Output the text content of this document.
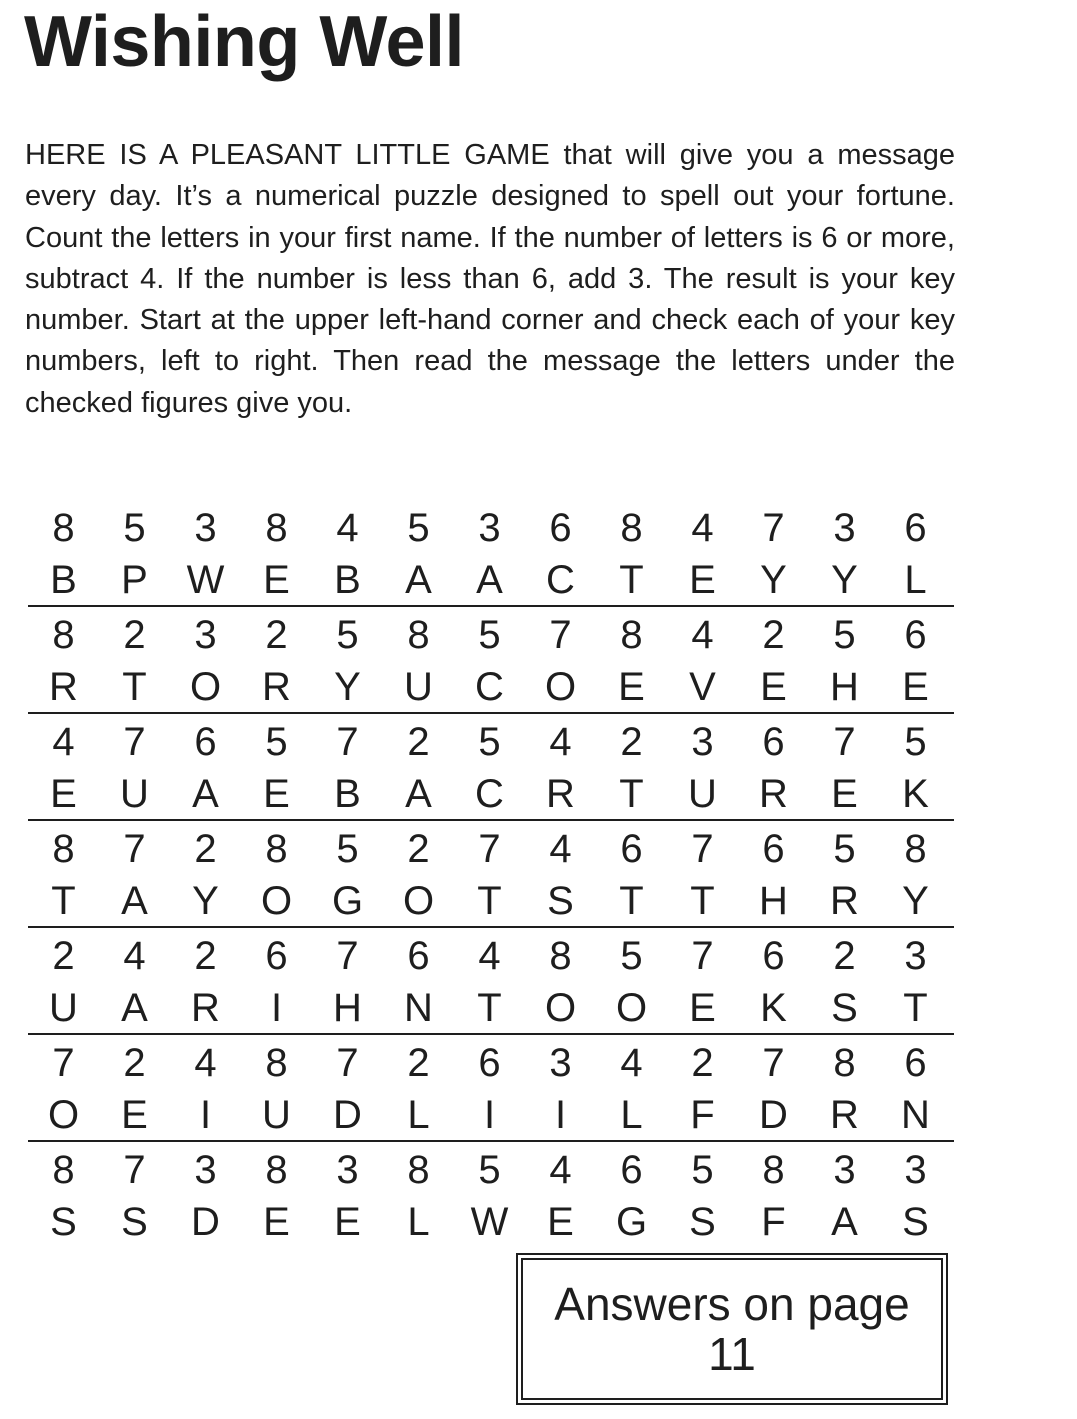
Wishing Well

HERE IS A PLEASANT LITTLE GAME that will give you a message every day. It’s a numerical puzzle designed to spell out your fortune. Count the letters in your first name. If the number of letters is 6 or more, subtract 4. If the number is less than 6, add 3. The result is your key number. Start at the upper left-hand corner and check each of your key numbers, left to right. Then read the message the letters under the checked figures give you.

8	5	3	8	4	5	3	6	8	4	7	3	6
B	P W E	B	A	A	C	T	E	Y	Y	L
8	2	3	2	5	8	5	7	8	4	2	5	6
R	T	O	R	Y	U	C	O	E	V	E	H	E
4	7	6	5	7	2	5	4	2	3	6	7	5
E	U	A	E	B	A	C	R	T	U	R	E	K
8	7	2	8	5	2	7	4	6	7	6	5	8
T	A	Y	O G O	T	S	T	T	H	R	Y
2	4	2	6	7	6	4	8	5	7	6	2	3
U	A	R	I	H	N	T	O O	E	K	S	T
7	2	4	8	7	2	6	3	4	2	7	8	6
O	E	I	U	D	L	I	I	L	F	D	R	N
8	7	3	8	3	8	5	4	6	5	8	3	3
S	S	D	E	E	L	W E	G	S	F	A	S
Answers on page
11
